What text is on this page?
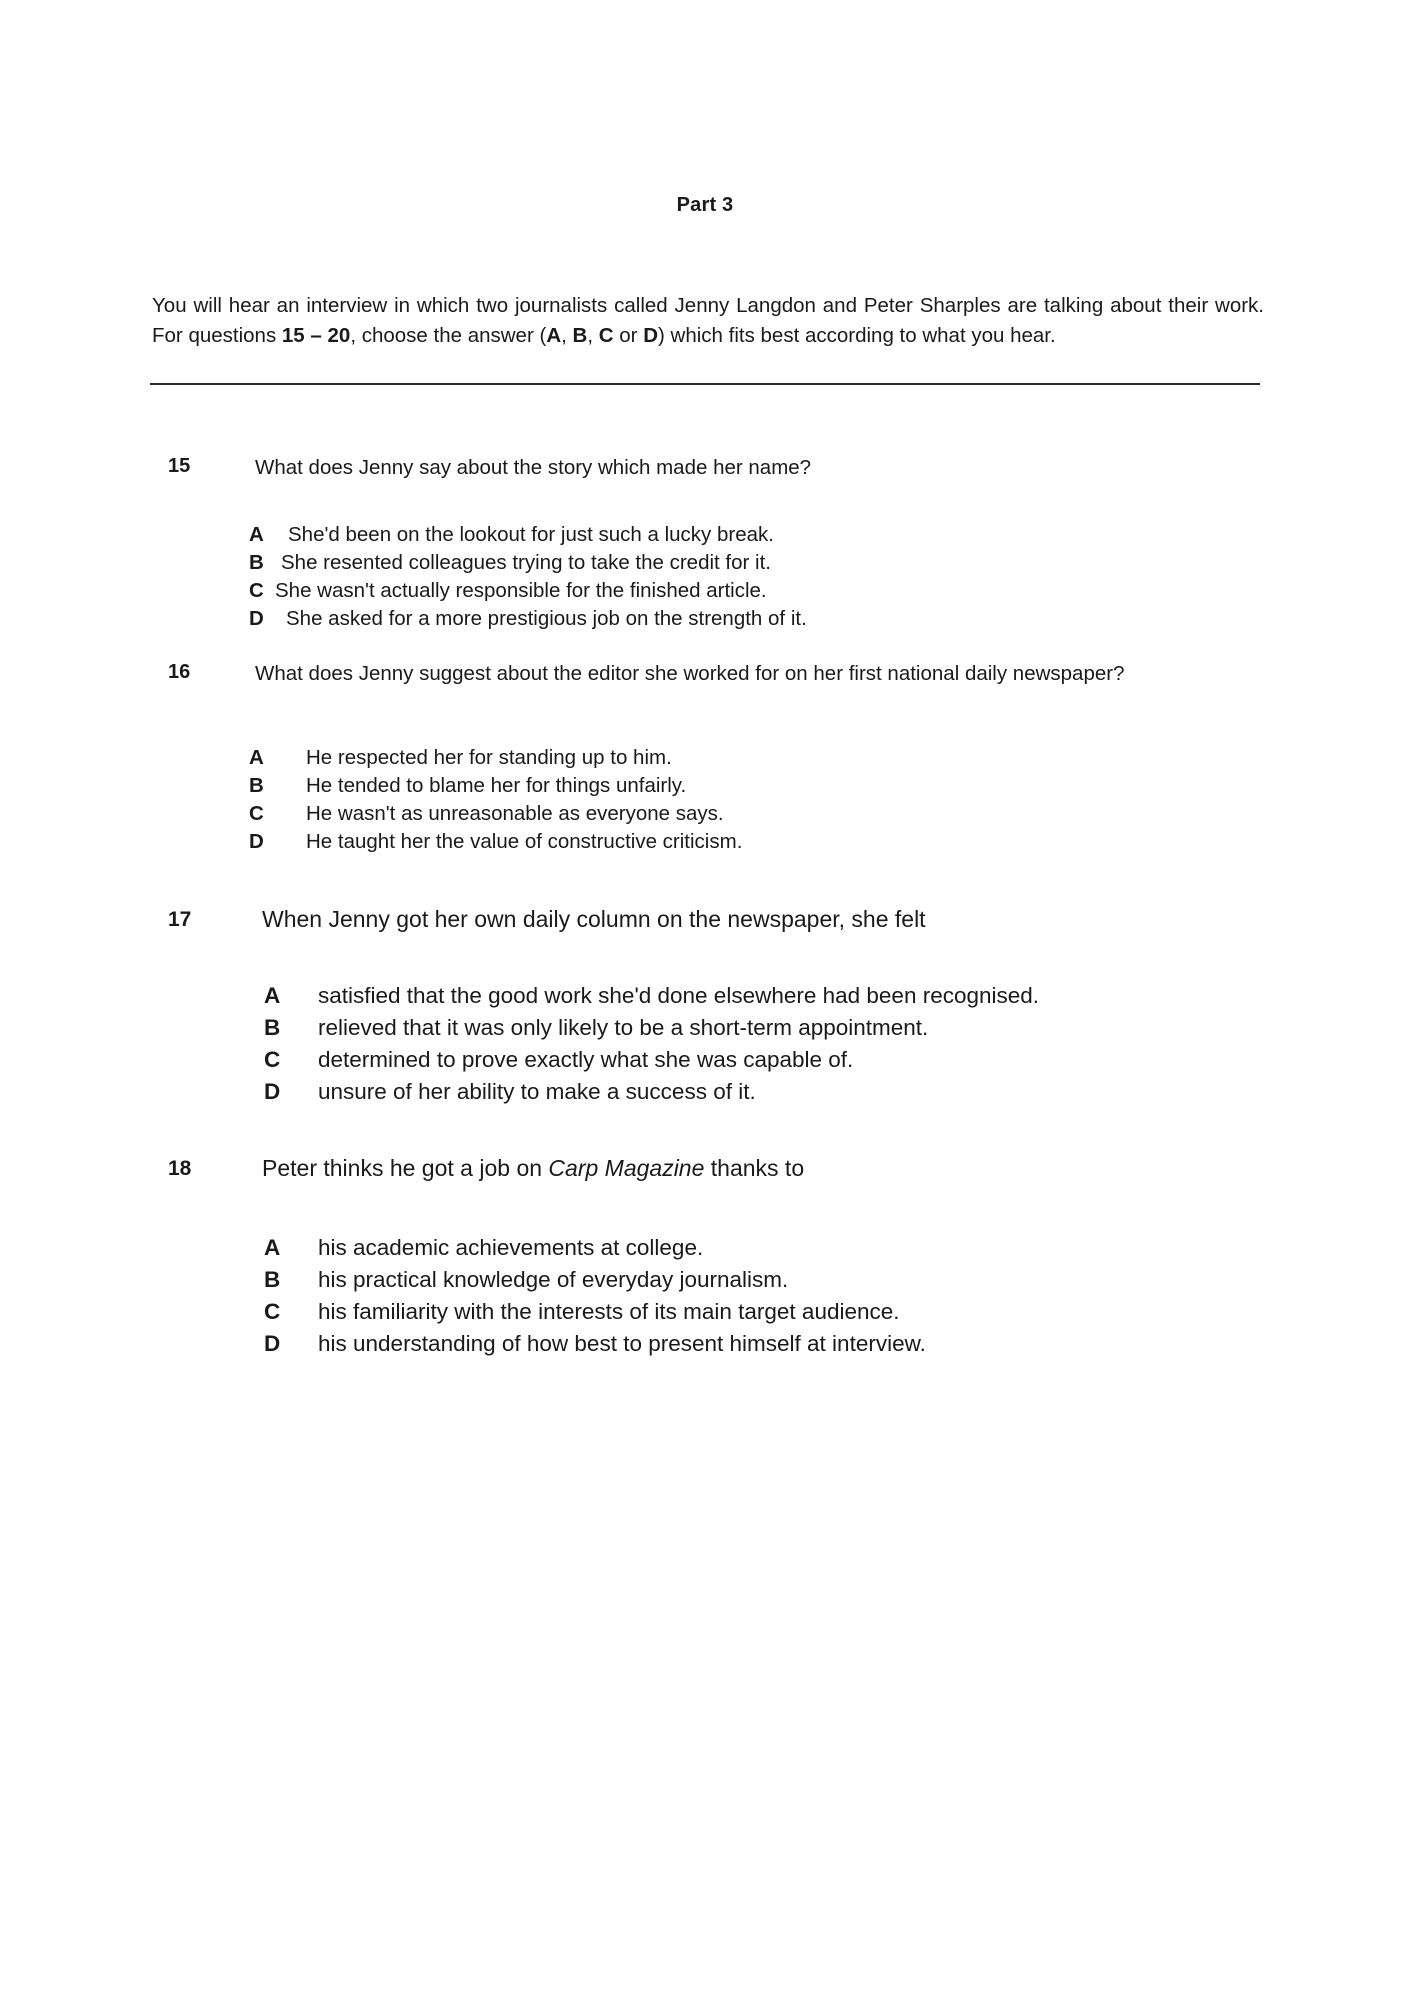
Part 3

You will hear an interview in which two journalists called Jenny Langdon and Peter Sharples are talking about their work. For questions 15 – 20, choose the answer (A, B, C or D) which fits best according to what you hear.

15	What does Jenny say about the story which made her name?
A She'd been on the lookout for just such a lucky break.
B She resented colleagues trying to take the credit for it.
C She wasn't actually responsible for the finished article.
D She asked for a more prestigious job on the strength of it.
16	What does Jenny suggest about the editor she worked for on her first national daily newspaper?
A He respected her for standing up to him.
B He tended to blame her for things unfairly.
C He wasn't as unreasonable as everyone says.
D He taught her the value of constructive criticism.
17	When Jenny got her own daily column on the newspaper, she felt
A satisfied that the good work she'd done elsewhere had been recognised.
B relieved that it was only likely to be a short-term appointment.
C determined to prove exactly what she was capable of.
D unsure of her ability to make a success of it.
18	Peter thinks he got a job on Carp Magazine thanks to
A his academic achievements at college.
B his practical knowledge of everyday journalism.
C his familiarity with the interests of its main target audience.
D his understanding of how best to present himself at interview.
